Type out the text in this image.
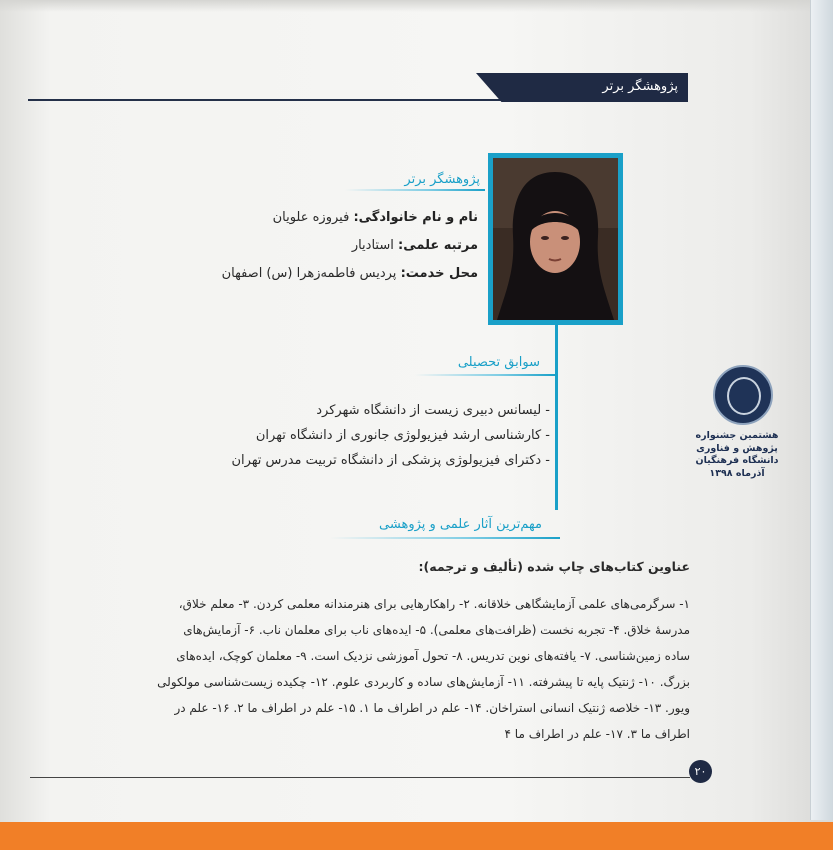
پژوهشگر برتر
پژوهشگر برتر
نام و نام خانوادگی: فیروزه علویان
مرتبه علمی: استادیار
محل خدمت: پردیس فاطمه‌زهرا (س) اصفهان
سوابق تحصیلی
- لیسانس دبیری زیست از دانشگاه شهرکرد
- کارشناسی ارشد فیزیولوژی جانوری از دانشگاه تهران
- دکترای فیزیولوژی پزشکی از دانشگاه تربیت مدرس تهران
مهم‌ترین آثار علمی و پژوهشی
عناوین کتاب‌های چاپ شده (تألیف و ترجمه):
۱- سرگرمی‌های علمی آزمایشگاهی خلاقانه. ۲- راهکارهایی برای هنرمندانه معلمی کردن. ۳- معلم خلاق،
مدرسهٔ خلاق. ۴- تجربه نخست (ظرافت‌های معلمی). ۵- ایده‌های ناب برای معلمان ناب. ۶- آزمایش‌های
ساده زمین‌شناسی. ۷- یافته‌های نوین تدریس. ۸- تحول آموزشی نزدیک است. ۹- معلمان کوچک، ایده‌های
بزرگ. ۱۰- ژنتیک پایه تا پیشرفته. ۱۱- آزمایش‌های ساده و کاربردی علوم. ۱۲- چکیده زیست‌شناسی مولکولی
ویور. ۱۳- خلاصه ژنتیک انسانی استراخان. ۱۴- علم در اطراف ما ۱. ۱۵- علم در اطراف ما ۲. ۱۶- علم در
اطراف ما ۳. ۱۷- علم در اطراف ما ۴
هشتمین جشنواره
پژوهش و فناوری
دانشگاه فرهنگیان
آذرماه ۱۳۹۸
۲۰
